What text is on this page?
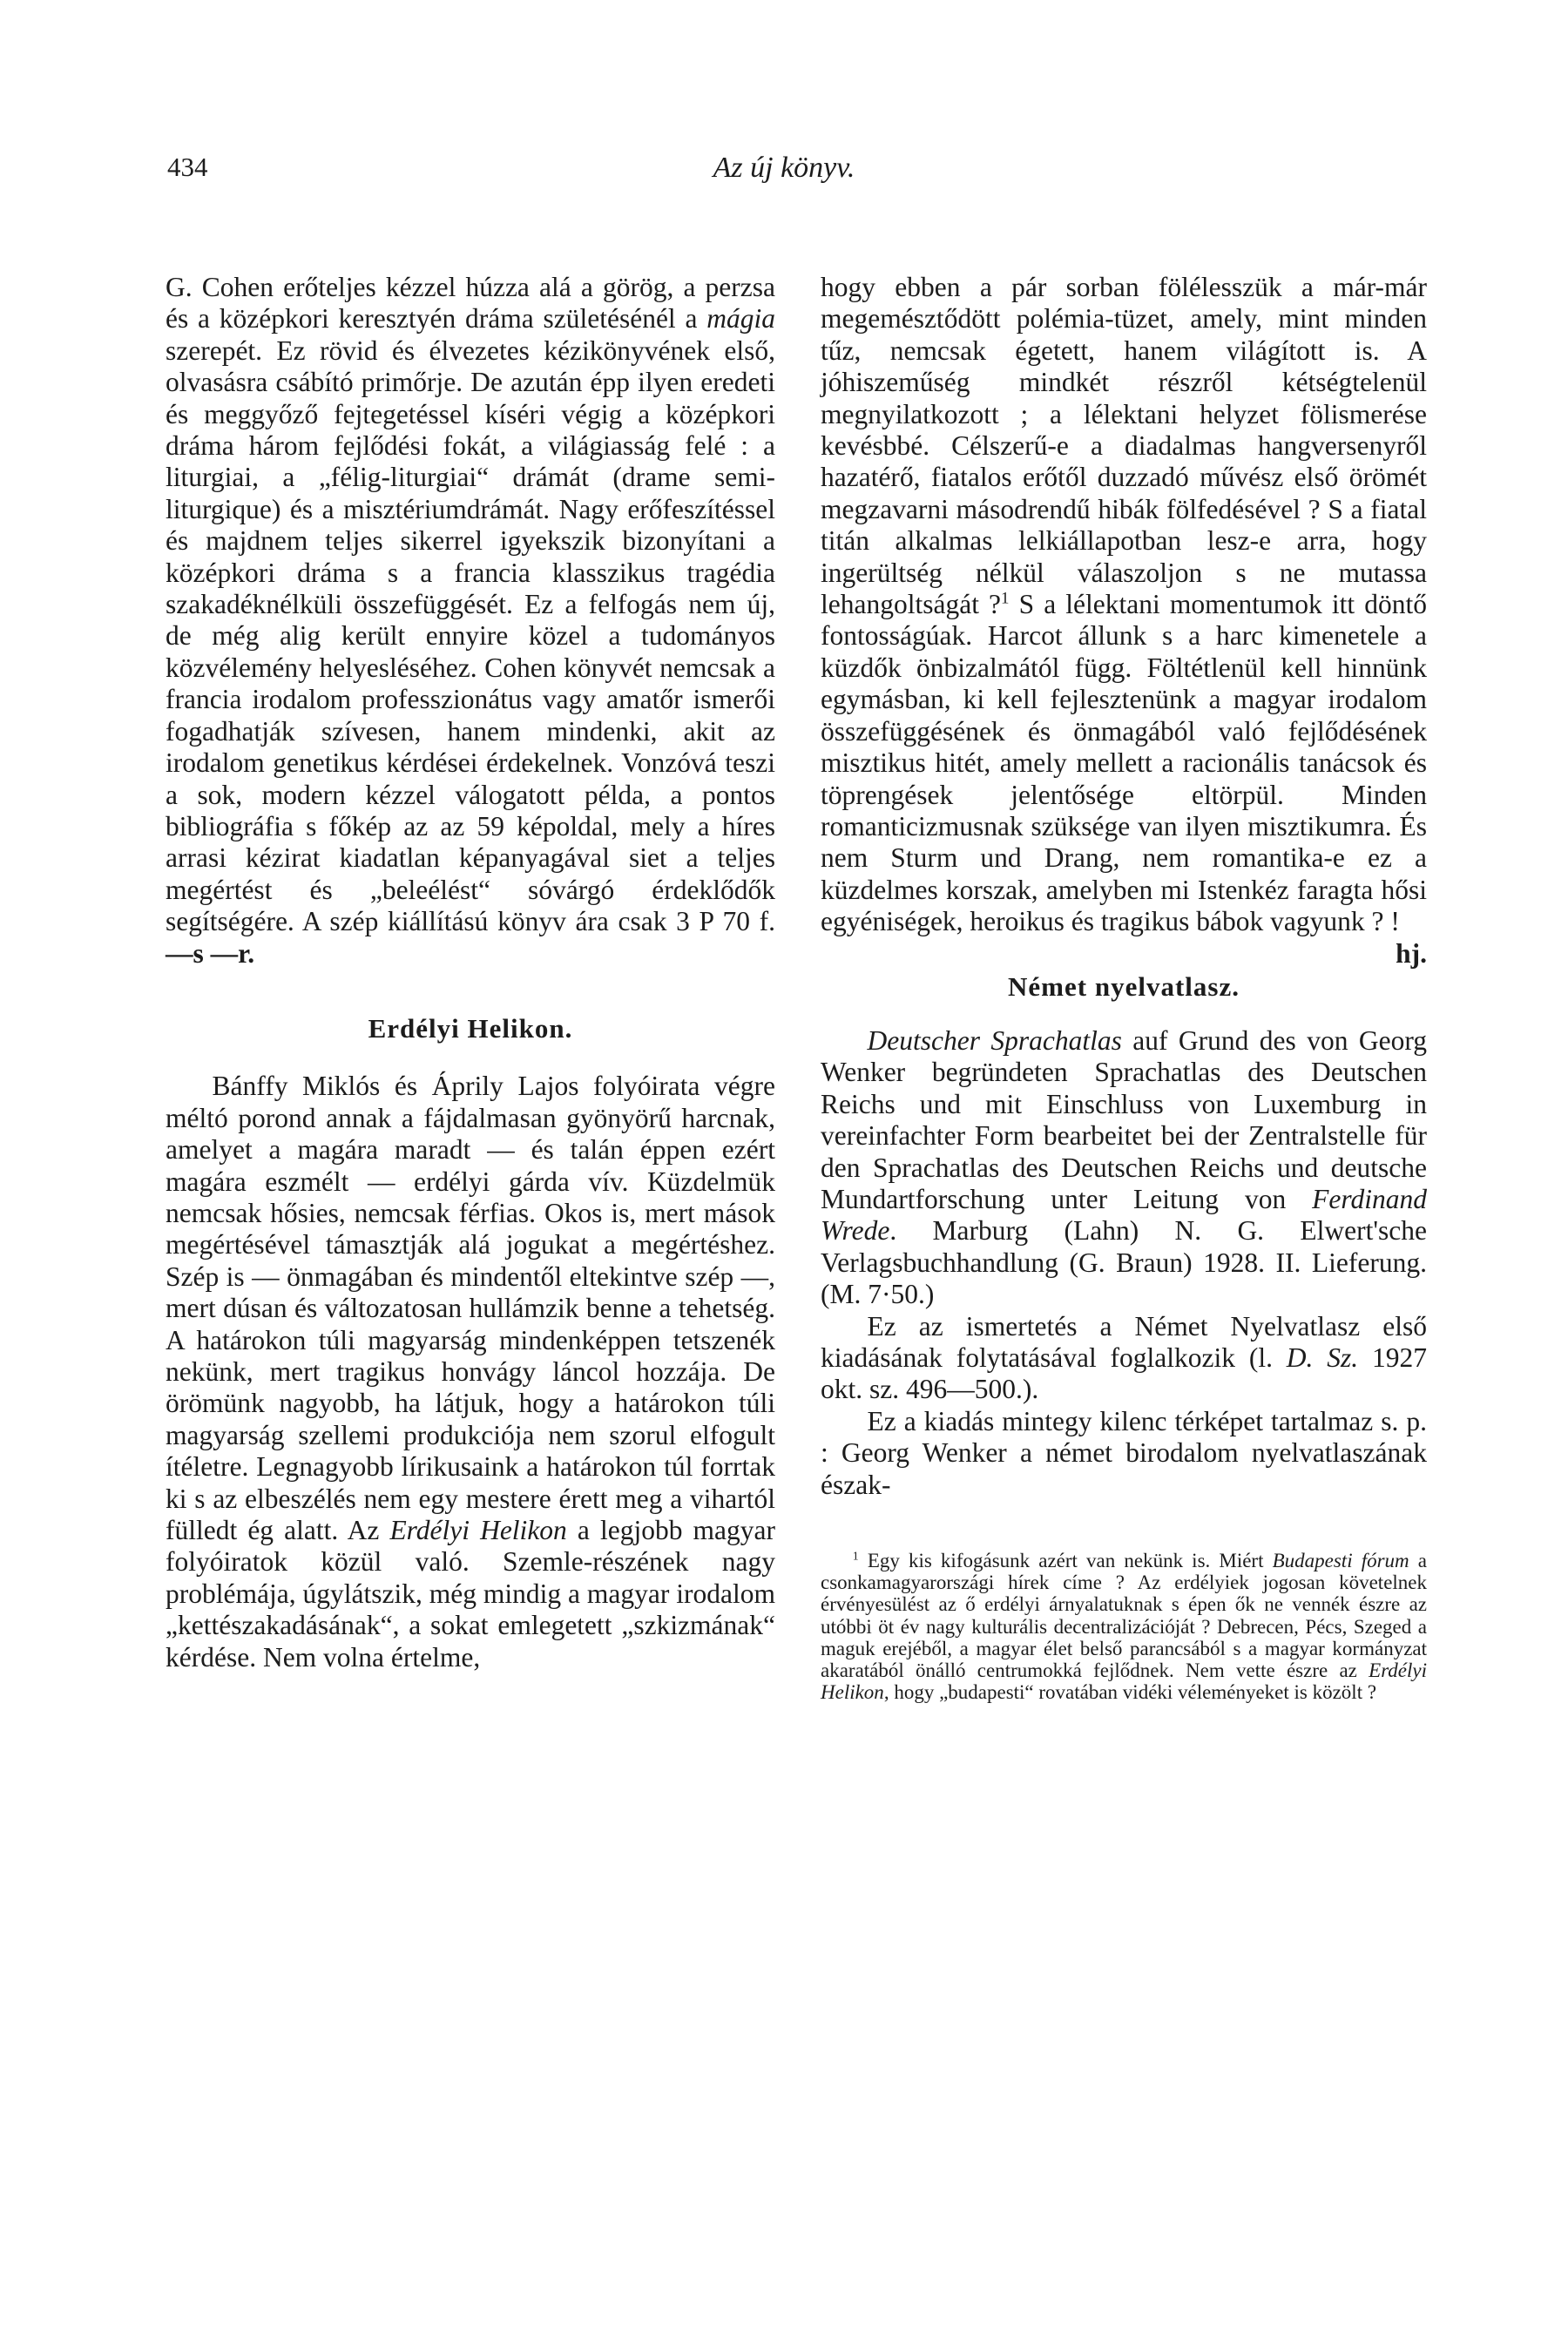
434	Az új könyv.

G. Cohen erőteljes kézzel húzza alá a görög, a perzsa és a középkori keresztyén dráma születésénél a mágia szerepét. Ez rövid és élvezetes kézikönyvének első, olvasásra csábító primőrje. De azután épp ilyen eredeti és meggyőző fejtegetéssel kíséri végig a középkori dráma három fejlődési fokát, a világiasság felé : a liturgiai, a „félig-liturgiai“ drámát (drame semi-liturgique) és a misztériumdrámát. Nagy erőfeszítéssel és majdnem teljes sikerrel igyekszik bizonyítani a középkori dráma s a francia klasszikus tragédia szakadéknélküli összefüggését. Ez a felfogás nem új, de még alig került ennyire közel a tudományos közvélemény helyesléséhez. Cohen könyvét nemcsak a francia irodalom professzionátus vagy amatőr ismerői fogadhatják szívesen, hanem mindenki, akit az irodalom genetikus kérdései érdekelnek. Vonzóvá teszi a sok, modern kézzel válogatott példa, a pontos bibliográfia s főkép az az 59 képoldal, mely a híres arrasi kézirat kiadatlan képanyagával siet a teljes megértést és „beleélést“ sóvárgó érdeklődők segítségére. A szép kiállítású könyv ára csak 3 P 70 f. —s —r.

Erdélyi Helikon.

Bánffy Miklós és Áprily Lajos folyóirata végre méltó porond annak a fájdalmasan gyönyörű harcnak, amelyet a magára maradt — és talán éppen ezért magára eszmélt — erdélyi gárda vív. Küzdelmük nemcsak hősies, nemcsak férfias. Okos is, mert mások megértésével támasztják alá jogukat a megértéshez. Szép is — önmagában és mindentől eltekintve szép —, mert dúsan és változatosan hullámzik benne a tehetség. A határokon túli magyarság mindenképpen tetszenék nekünk, mert tragikus honvágy láncol hozzája. De örömünk nagyobb, ha látjuk, hogy a határokon túli magyarság szellemi produkciója nem szorul elfogult ítéletre. Legnagyobb lírikusaink a határokon túl forrtak ki s az elbeszélés nem egy mestere érett meg a vihartól fülledt ég alatt. Az Erdélyi Helikon a legjobb magyar folyóiratok közül való. Szemle-részének nagy problémája, úgylátszik, még mindig a magyar irodalom „kettészakadásának“, a sokat emlegetett „szkizmának“ kérdése. Nem volna értelme,

hogy ebben a pár sorban fölélesszük a már-már megemésztődött polémia-tüzet, amely, mint minden tűz, nemcsak égetett, hanem világított is. A jóhiszeműség mindkét részről kétségtelenül megnyilatkozott ; a lélektani helyzet fölismerése kevésbbé. Célszerű-e a diadalmas hangversenyről hazatérő, fiatalos erőtől duzzadó művész első örömét megzavarni másodrendű hibák fölfedésével ? S a fiatal titán alkalmas lelkiállapotban lesz-e arra, hogy ingerültség nélkül válaszoljon s ne mutassa lehangoltságát ?$^1$ S a lélektani momentumok itt döntő fontosságúak. Harcot állunk s a harc kimenetele a küzdők önbizalmától függ. Föltétlenül kell hinnünk egymásban, ki kell fejlesztenünk a magyar irodalom összefüggésének és önmagából való fejlődésének misztikus hitét, amely mellett a racionális tanácsok és töprengések jelentősége eltörpül. Minden romanticizmusnak szüksége van ilyen misztikumra. És nem Sturm und Drang, nem romantika-e ez a küzdelmes korszak, amelyben mi Istenkéz faragta hősi egyéniségek, heroikus és tragikus bábok vagyunk ? !
hj.

Német nyelvatlasz.

Deutscher Sprachatlas auf Grund des von Georg Wenker begründeten Sprachatlas des Deutschen Reichs und mit Einschluss von Luxemburg in vereinfachter Form bearbeitet bei der Zentralstelle für den Sprachatlas des Deutschen Reichs und deutsche Mundartforschung unter Leitung von Ferdinand Wrede. Marburg (Lahn) N. G. Elwert'sche Verlagsbuchhandlung (G. Braun) 1928. II. Lieferung. (M. 7·50.)

Ez az ismertetés a Német Nyelvatlasz első kiadásának folytatásával foglalkozik (l. D. Sz. 1927 okt. sz. 496—500.).

Ez a kiadás mintegy kilenc térképet tartalmaz s. p. : Georg Wenker a német birodalom nyelvatlaszának észak-

$^1$ Egy kis kifogásunk azért van nekünk is. Miért Budapesti fórum a csonkamagyarországi hírek címe ? Az erdélyiek jogosan követelnek érvényesülést az ő erdélyi árnyalatuknak s épen ők ne vennék észre az utóbbi öt év nagy kulturális decentralizációját ? Debrecen, Pécs, Szeged a maguk erejéből, a magyar élet belső parancsából s a magyar kormányzat akaratából önálló centrumokká fejlődnek. Nem vette észre az Erdélyi Helikon, hogy „budapesti“ rovatában vidéki véleményeket is közölt ?
